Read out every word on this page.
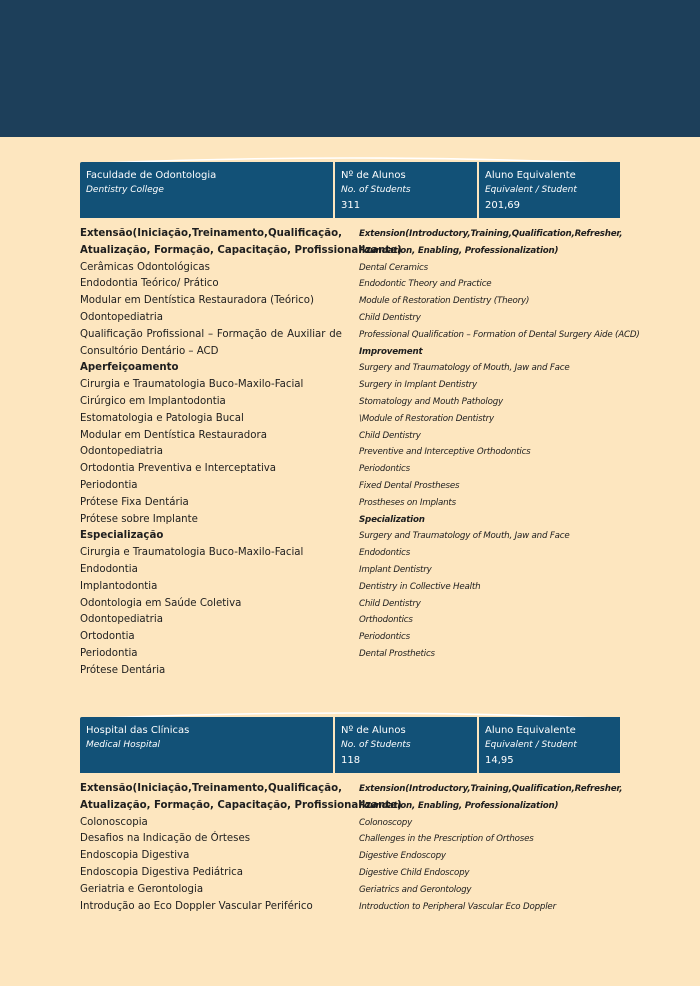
Faculdade de Odontologia
Dentistry College
Nº de Alunos
No. of Students
311
Aluno Equivalente
Equivalent / Student
201,69
Extensão (Iniciação, Treinamento, Qualificação,
Atualização, Formação, Capacitação, Profissionalizante)
Cerâmicas Odontológicas
Endodontia Teórico/ Prático
Modular em Dentística Restauradora (Teórico)
Odontopediatria
Qualificação Profissional – Formação de Auxiliar de
Consultório Dentário – ACD
Aperfeiçoamento
Cirurgia e Traumatologia Buco-Maxilo-Facial
Cirúrgico em Implantodontia
Estomatologia e Patologia Bucal
Modular em Dentística Restauradora
Odontopediatria
Ortodontia Preventiva e Interceptativa
Periodontia
Prótese Fixa Dentária
Prótese sobre Implante
Especialização
Cirurgia e Traumatologia Buco-Maxilo-Facial
Endodontia
Implantodontia
Odontologia em Saúde Coletiva
Odontopediatria
Ortodontia
Periodontia
Prótese Dentária
Extension (Introductory, Training, Qualification, Refresher,
Foundation, Enabling, Professionalization)
Dental Ceramics
Endodontic Theory and Practice
Module of Restoration Dentistry (Theory)
Child Dentistry
Professional Qualification – Formation of Dental Surgery Aide (ACD)
Improvement
Surgery and Traumatology of Mouth, Jaw and Face
Surgery in Implant Dentistry
Stomatology and Mouth Pathology
\Module of Restoration Dentistry
Child Dentistry
Preventive and Interceptive Orthodontics
Periodontics
Fixed Dental Prostheses
Prostheses on Implants
Specialization
Surgery and Traumatology of Mouth, Jaw and Face
Endodontics
Implant Dentistry
Dentistry in Collective Health
Child Dentistry
Orthodontics
Periodontics
Dental Prosthetics
Hospital das Clínicas
Medical Hospital
Nº de Alunos
No. of Students
118
Aluno Equivalente
Equivalent / Student
14,95
Extensão (Iniciação, Treinamento, Qualificação,
Atualização, Formação, Capacitação, Profissionalizante)
Colonoscopia
Desafios na Indicação de Órteses
Endoscopia Digestiva
Endoscopia Digestiva Pediátrica
Geriatria e Gerontologia
Introdução ao Eco Doppler Vascular Periférico
Extension (Introductory, Training, Qualification, Refresher,
Foundation, Enabling, Professionalization)
Colonoscopy
Challenges in the Prescription of Orthoses
Digestive Endoscopy
Digestive Child Endoscopy
Geriatrics and Gerontology
Introduction to Peripheral Vascular Eco Doppler
